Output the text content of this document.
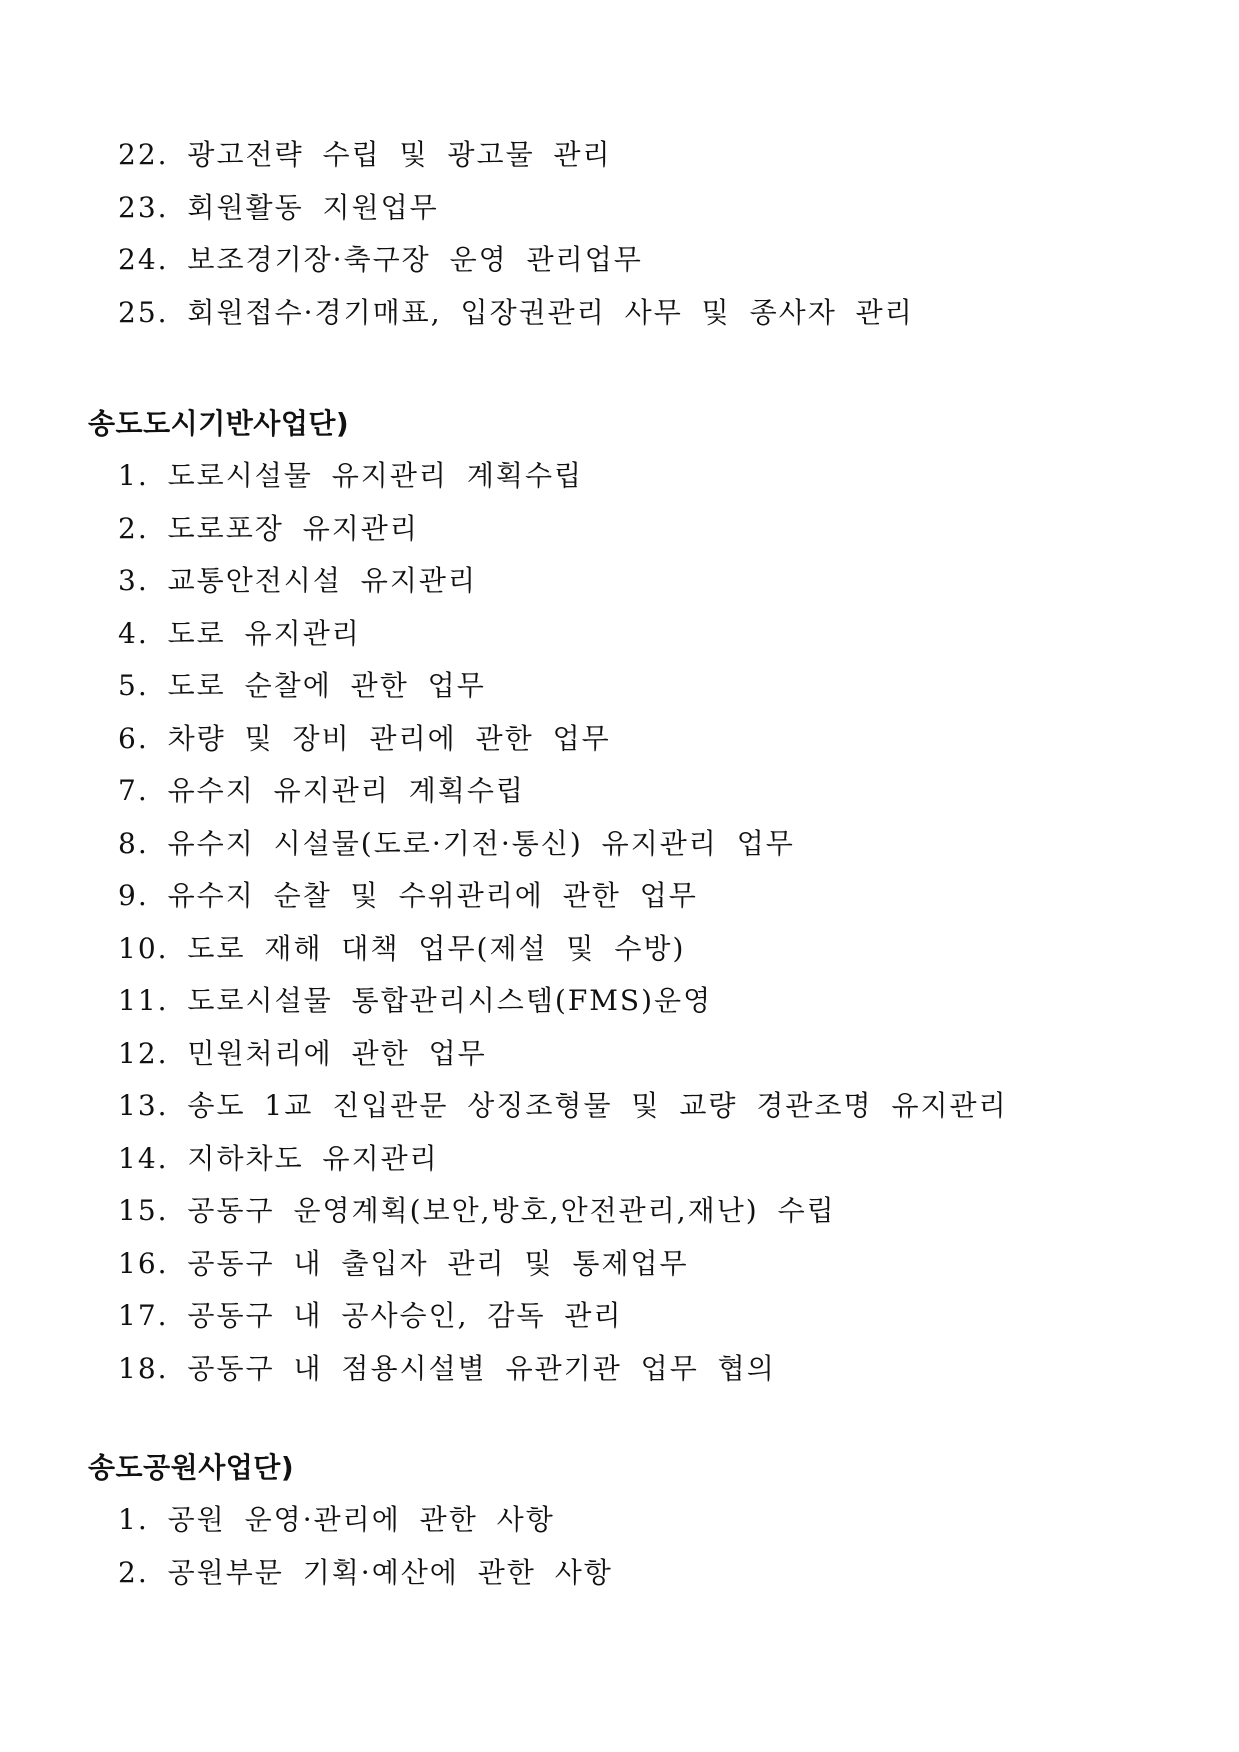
22. 광고전략 수립 및 광고물 관리
23. 회원활동 지원업무
24. 보조경기장·축구장 운영 관리업무
25. 회원접수·경기매표, 입장권관리 사무 및 종사자 관리
송도도시기반사업단)
1. 도로시설물 유지관리 계획수립
2. 도로포장 유지관리
3. 교통안전시설 유지관리
4. 도로 유지관리
5. 도로 순찰에 관한 업무
6. 차량 및 장비 관리에 관한 업무
7. 유수지 유지관리 계획수립
8. 유수지 시설물(도로·기전·통신) 유지관리 업무
9. 유수지 순찰 및 수위관리에 관한 업무
10. 도로 재해 대책 업무(제설 및 수방)
11. 도로시설물 통합관리시스템(FMS)운영
12. 민원처리에 관한 업무
13. 송도 1교 진입관문 상징조형물 및 교량 경관조명 유지관리
14. 지하차도 유지관리
15. 공동구 운영계획(보안,방호,안전관리,재난) 수립
16. 공동구 내 출입자 관리 및 통제업무
17. 공동구 내 공사승인, 감독 관리
18. 공동구 내 점용시설별 유관기관 업무 협의
송도공원사업단)
1. 공원 운영·관리에 관한 사항
2. 공원부문 기획·예산에 관한 사항
